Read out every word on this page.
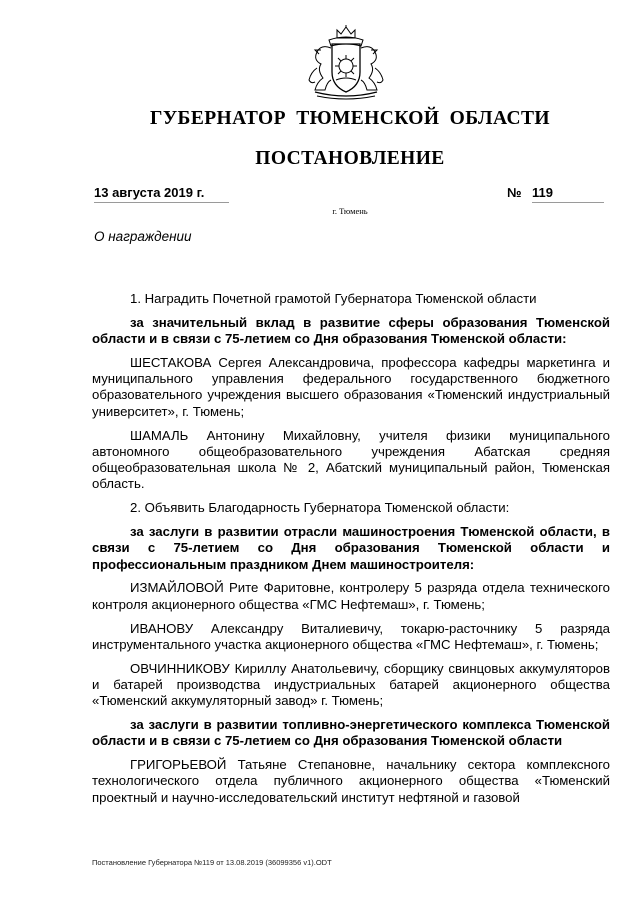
ГУБЕРНАТОР ТЮМЕНСКОЙ ОБЛАСТИ
ПОСТАНОВЛЕНИЕ
13 августа 2019 г.	№ 119
г. Тюмень
О награждении

1. Наградить Почетной грамотой Губернатора Тюменской области

за значительный вклад в развитие сферы образования Тюменской области и в связи с 75-летием со Дня образования Тюменской области:

ШЕСТАКОВА Сергея Александровича, профессора кафедры маркетинга и муниципального управления федерального государственного бюджетного образовательного учреждения высшего образования «Тюменский индустриальный университет», г. Тюмень;

ШАМАЛЬ Антонину Михайловну, учителя физики муниципального автономного общеобразовательного учреждения Абатская средняя общеобразовательная школа № 2, Абатский муниципальный район, Тюменская область.

2. Объявить Благодарность Губернатора Тюменской области:

за заслуги в развитии отрасли машиностроения Тюменской области, в связи с 75-летием со Дня образования Тюменской области и профессиональным праздником Днем машиностроителя:

ИЗМАЙЛОВОЙ Рите Фаритовне, контролеру 5 разряда отдела технического контроля акционерного общества «ГМС Нефтемаш», г. Тюмень;

ИВАНОВУ Александру Виталиевичу, токарю-расточнику 5 разряда инструментального участка акционерного общества «ГМС Нефтемаш», г. Тюмень;

ОВЧИННИКОВУ Кириллу Анатольевичу, сборщику свинцовых аккумуляторов и батарей производства индустриальных батарей акционерного общества «Тюменский аккумуляторный завод» г. Тюмень;

за заслуги в развитии топливно-энергетического комплекса Тюменской области и в связи с 75-летием со Дня образования Тюменской области

ГРИГОРЬЕВОЙ Татьяне Степановне, начальнику сектора комплексного технологического отдела публичного акционерного общества «Тюменский проектный и научно-исследовательский институт нефтяной и газовой

Постановление Губернатора №119 от 13.08.2019 (36099356 v1).ODT
